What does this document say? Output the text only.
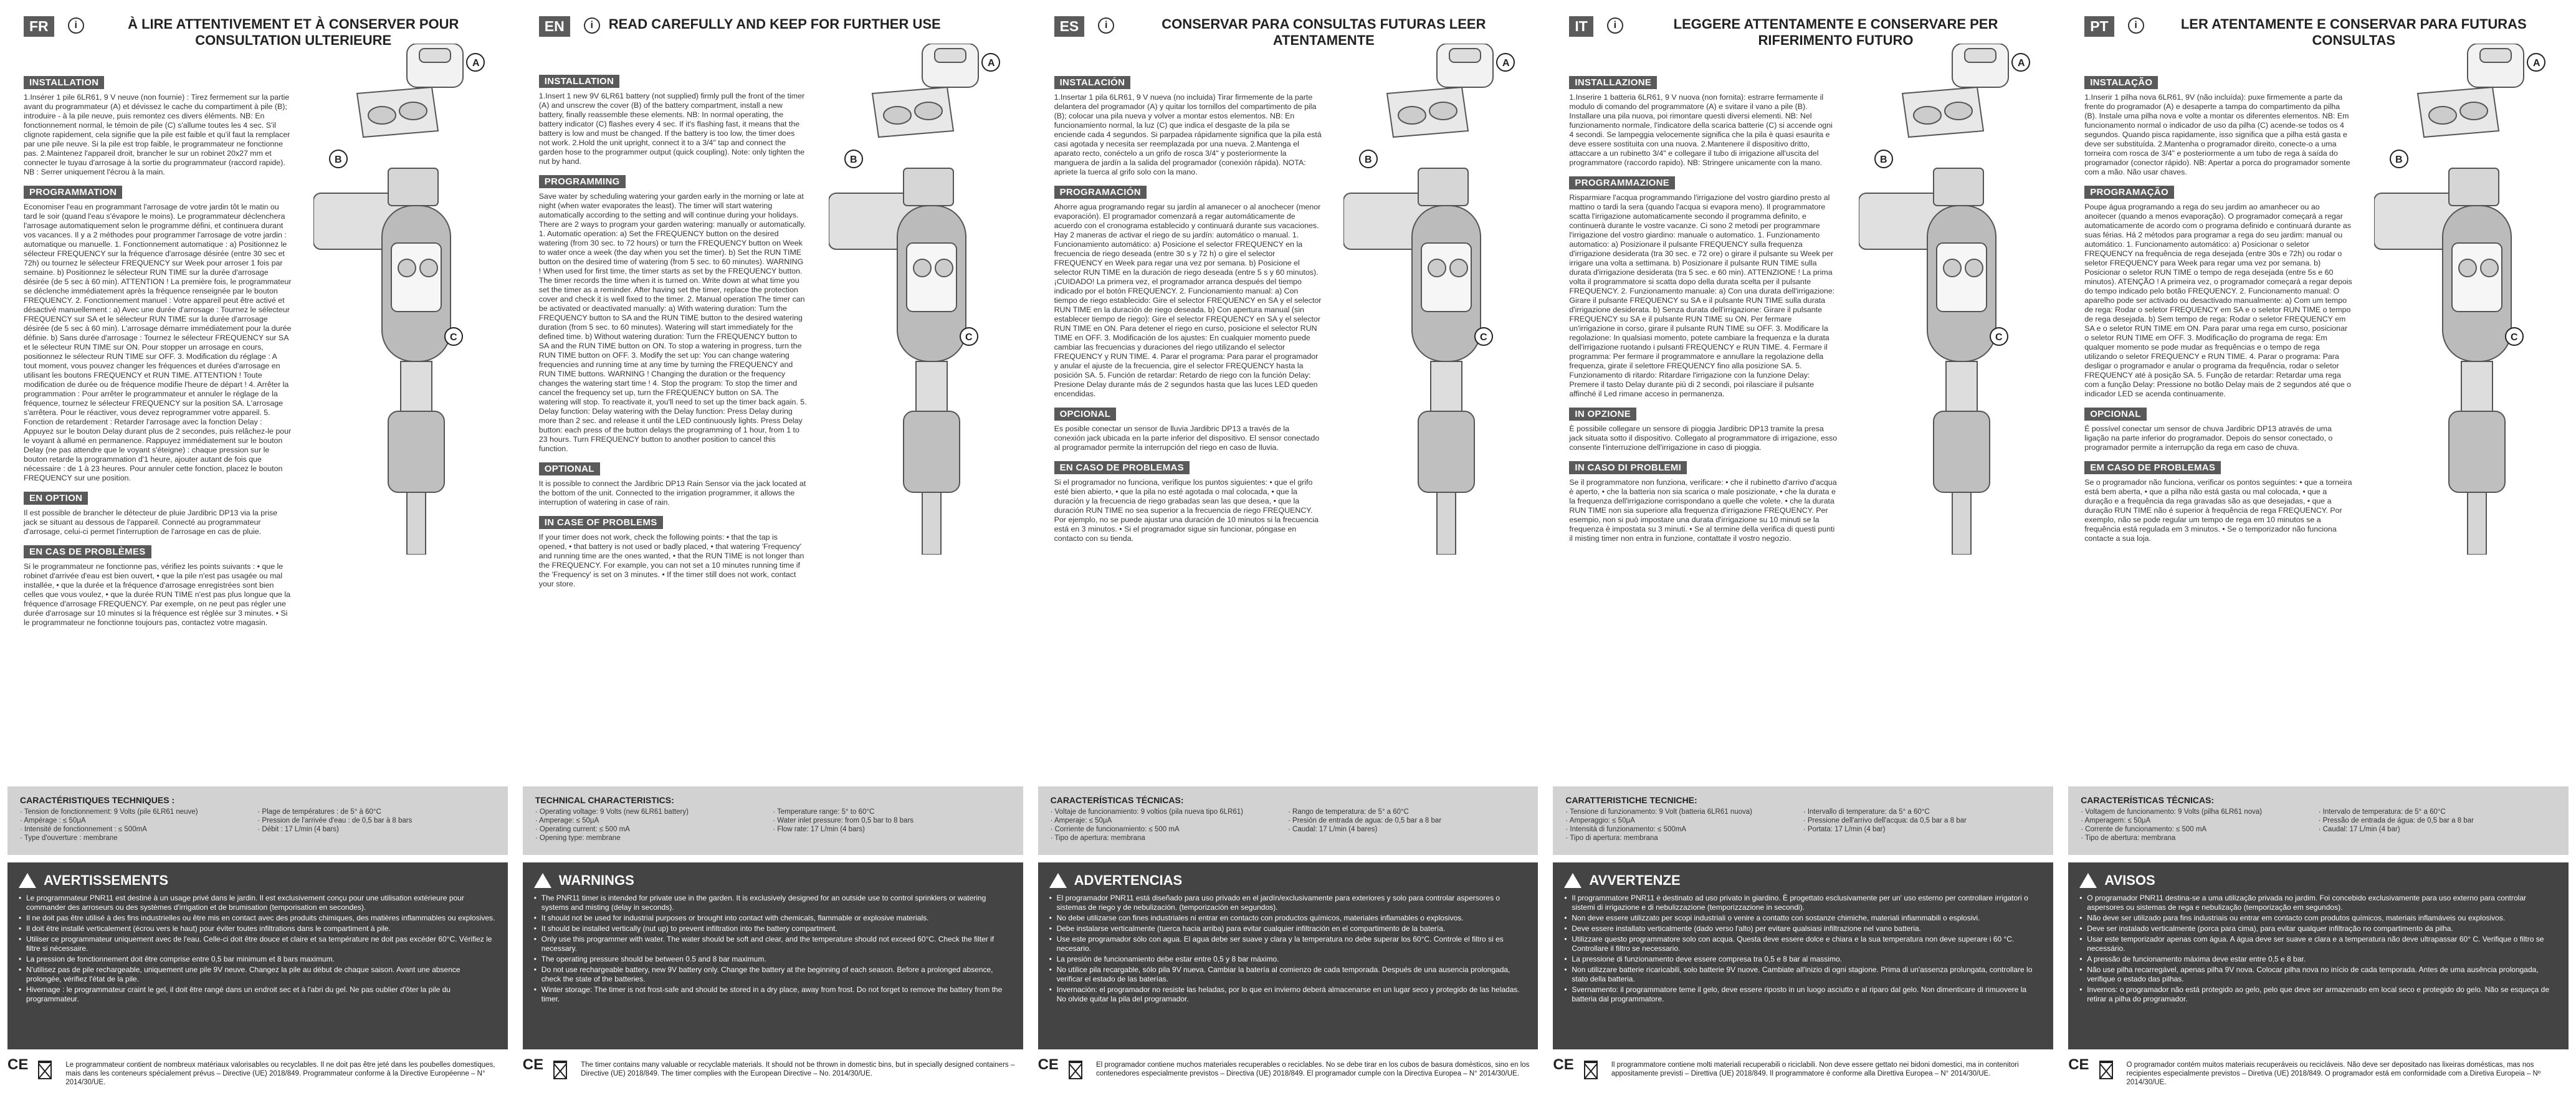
FR	i	À LIRE ATTENTIVEMENT ET À CONSERVER POUR CONSULTATION ULTERIEURE
INSTALLATION

1.Insérer 1 pile 6LR61, 9 V neuve (non fournie) : Tirez fermement sur la partie avant du programmateur (A) et dévissez le cache du compartiment à pile (B); introduire - à la pile neuve, puis remontez ces divers éléments. NB: En fonctionnement normal, le témoin de pile (C) s'allume toutes les 4 sec. S'il clignote rapidement, cela signifie que la pile est faible et qu'il faut la remplacer par une pile neuve. Si la pile est trop faible, le programmateur ne fonctionne pas. 2.Maintenez l'appareil droit, brancher le sur un robinet 20x27 mm et connecter le tuyau d'arrosage à la sortie du programmateur (raccord rapide). NB : Serrer uniquement l'écrou à la main.

PROGRAMMATION

Economiser l'eau en programmant l'arrosage de votre jardin tôt le matin ou tard le soir (quand l'eau s'évapore le moins). Le programmateur déclenchera l'arrosage automatiquement selon le programme défini, et continuera durant vos vacances. Il y a 2 méthodes pour programmer l'arrosage de votre jardin : automatique ou manuelle. 1. Fonctionnement automatique : a) Positionnez le sélecteur FREQUENCY sur la fréquence d'arrosage désirée (entre 30 sec et 72h) ou tournez le sélecteur FREQUENCY sur Week pour arroser 1 fois par semaine. b) Positionnez le sélecteur RUN TIME sur la durée d'arrosage désirée (de 5 sec à 60 min). ATTENTION ! La première fois, le programmateur se déclenche immédiatement après la fréquence renseignée par le bouton FREQUENCY. 2. Fonctionnement manuel : Votre appareil peut être activé et désactivé manuellement : a) Avec une durée d'arrosage : Tournez le sélecteur FREQUENCY sur SA et le sélecteur RUN TIME sur la durée d'arrosage désirée (de 5 sec à 60 min). L'arrosage démarre immédiatement pour la durée définie. b) Sans durée d'arrosage : Tournez le sélecteur FREQUENCY sur SA et le sélecteur RUN TIME sur ON. Pour stopper un arrosage en cours, positionnez le sélecteur RUN TIME sur OFF. 3. Modification du réglage : A tout moment, vous pouvez changer les fréquences et durées d'arrosage en utilisant les boutons FREQUENCY et RUN TIME. ATTENTION ! Toute modification de durée ou de fréquence modifie l'heure de départ ! 4. Arrêter la programmation : Pour arrêter le programmateur et annuler le réglage de la fréquence, tournez le sélecteur FREQUENCY sur la position SA. L'arrosage s'arrêtera. Pour le réactiver, vous devez reprogrammer votre appareil. 5. Fonction de retardement : Retarder l'arrosage avec la fonction Delay : Appuyez sur le bouton Delay durant plus de 2 secondes, puis relâchez-le pour le voyant à allumé en permanence. Rappuyez immédiatement sur le bouton Delay (ne pas attendre que le voyant s'éteigne) : chaque pression sur le bouton retarde la programmation d'1 heure, ajouter autant de fois que nécessaire : de 1 à 23 heures. Pour annuler cette fonction, placez le bouton FREQUENCY sur une position.

EN OPTION

Il est possible de brancher le détecteur de pluie Jardibric DP13 via la prise jack se situant au dessous de l'appareil. Connecté au programmateur d'arrosage, celui-ci permet l'interruption de l'arrosage en cas de pluie.

EN CAS DE PROBLÈMES

Si le programmateur ne fonctionne pas, vérifiez les points suivants : • que le robinet d'arrivée d'eau est bien ouvert, • que la pile n'est pas usagée ou mal installée, • que la durée et la fréquence d'arrosage enregistrées sont bien celles que vous voulez, • que la durée RUN TIME n'est pas plus longue que la fréquence d'arrosage FREQUENCY. Par exemple, on ne peut pas régler une durée d'arrosage sur 10 minutes si la fréquence est réglée sur 3 minutes. • Si le programmateur ne fonctionne toujours pas, contactez votre magasin.

A
B
C
CARACTÉRISTIQUES TECHNIQUES :
· Tension de fonctionnement: 9 Volts (pile 6LR61 neuve)
· Ampérage : ≤ 50μA
· Intensité de fonctionnement : ≤ 500mA
· Type d'ouverture : membrane
· Plage de températures : de 5° à 60°C
· Pression de l'arrivée d'eau : de 0,5 bar à 8 bars
· Débit : 17 L/min (4 bars)
AVERTISSEMENTS
• Le programmateur PNR11 est destiné à un usage privé dans le jardin. Il est exclusivement conçu pour une utilisation extérieure pour commander des arroseurs ou des systèmes d'irrigation et de brumisation (temporisation en secondes).
• Il ne doit pas être utilisé à des fins industrielles ou être mis en contact avec des produits chimiques, des matières inflammables ou explosives.
• Il doit être installé verticalement (écrou vers le haut) pour éviter toutes infiltrations dans le compartiment à pile.
• Utiliser ce programmateur uniquement avec de l'eau. Celle-ci doit être douce et claire et sa température ne doit pas excéder 60°C. Vérifiez le filtre si nécessaire.
• La pression de fonctionnement doit être comprise entre 0,5 bar minimum et 8 bars maximum.
• N'utilisez pas de pile rechargeable, uniquement une pile 9V neuve. Changez la pile au début de chaque saison. Avant une absence prolongée, vérifiez l'état de la pile.
• Hivernage : le programmateur craint le gel, il doit être rangé dans un endroit sec et à l'abri du gel. Ne pas oublier d'ôter la pile du programmateur.
CE	Le programmateur contient de nombreux matériaux valorisables ou recyclables. Il ne doit pas être jeté dans les poubelles domestiques, mais dans les conteneurs spécialement prévus – Directive (UE) 2018/849. Programmateur conforme à la Directive Européenne – N° 2014/30/UE.
EN	i	READ CAREFULLY AND KEEP FOR FURTHER USE
INSTALLATION

1.Insert 1 new 9V 6LR61 battery (not supplied) firmly pull the front of the timer (A) and unscrew the cover (B) of the battery compartment, install a new battery, finally reassemble these elements. NB: In normal operating, the battery indicator (C) flashes every 4 sec. If it's flashing fast, it means that the battery is low and must be changed. If the battery is too low, the timer does not work. 2.Hold the unit upright, connect it to a 3/4" tap and connect the garden hose to the programmer output (quick coupling). Note: only tighten the nut by hand.

PROGRAMMING

Save water by scheduling watering your garden early in the morning or late at night (when water evaporates the least). The timer will start watering automatically according to the setting and will continue during your holidays. There are 2 ways to program your garden watering: manually or automatically. 1. Automatic operation: a) Set the FREQUENCY button on the desired watering (from 30 sec. to 72 hours) or turn the FREQUENCY button on Week to water once a week (the day when you set the timer). b) Set the RUN TIME button on the desired time of watering (from 5 sec. to 60 minutes). WARNING ! When used for first time, the timer starts as set by the FREQUENCY button. The timer records the time when it is turned on. Write down at what time you set the timer as a reminder. After having set the timer, replace the protection cover and check it is well fixed to the timer. 2. Manual operation The timer can be activated or deactivated manually: a) With watering duration: Turn the FREQUENCY button to SA and the RUN TIME button to the desired watering duration (from 5 sec. to 60 minutes). Watering will start immediately for the defined time. b) Without watering duration: Turn the FREQUENCY button to SA and the RUN TIME button on ON. To stop a watering in progress, turn the RUN TIME button on OFF. 3. Modify the set up: You can change watering frequencies and running time at any time by turning the FREQUENCY and RUN TIME buttons. WARNING ! Changing the duration or the frequency changes the watering start time ! 4. Stop the program: To stop the timer and cancel the frequency set up, turn the FREQUENCY button on SA. The watering will stop. To reactivate it, you'll need to set up the timer back again. 5. Delay function: Delay watering with the Delay function: Press Delay during more than 2 sec. and release it until the LED continuously lights. Press Delay button: each press of the button delays the programming of 1 hour, from 1 to 23 hours. Turn FREQUENCY button to another position to cancel this function.

OPTIONAL

It is possible to connect the Jardibric DP13 Rain Sensor via the jack located at the bottom of the unit. Connected to the irrigation programmer, it allows the interruption of watering in case of rain.

IN CASE OF PROBLEMS

If your timer does not work, check the following points: • that the tap is opened, • that battery is not used or badly placed, • that watering 'Frequency' and running time are the ones wanted, • that the RUN TIME is not longer than the FREQUENCY. For example, you can not set a 10 minutes running time if the 'Frequency' is set on 3 minutes. • If the timer still does not work, contact your store.

A
B
C
TECHNICAL CHARACTERISTICS:
· Operating voltage: 9 Volts (new 6LR61 battery)
· Amperage: ≤ 50μA
· Operating current: ≤ 500 mA
· Opening type: membrane
· Temperature range: 5° to 60°C
· Water inlet pressure: from 0,5 bar to 8 bars
· Flow rate: 17 L/min (4 bars)
WARNINGS
• The PNR11 timer is intended for private use in the garden. It is exclusively designed for an outside use to control sprinklers or watering systems and misting (delay in seconds).
• It should not be used for industrial purposes or brought into contact with chemicals, flammable or explosive materials.
• It should be installed vertically (nut up) to prevent infiltration into the battery compartment.
• Only use this programmer with water. The water should be soft and clear, and the temperature should not exceed 60°C. Check the filter if necessary.
• The operating pressure should be between 0.5 and 8 bar maximum.
• Do not use rechargeable battery, new 9V battery only. Change the battery at the beginning of each season. Before a prolonged absence, check the state of the batteries.
• Winter storage: The timer is not frost-safe and should be stored in a dry place, away from frost. Do not forget to remove the battery from the timer.
CE	The timer contains many valuable or recyclable materials. It should not be thrown in domestic bins, but in specially designed containers – Directive (UE) 2018/849. The timer complies with the European Directive – No. 2014/30/UE.
ES	i	CONSERVAR PARA CONSULTAS FUTURAS LEER ATENTAMENTE
INSTALACIÓN

1.Insertar 1 pila 6LR61, 9 V nueva (no incluida) Tirar firmemente de la parte delantera del programador (A) y quitar los tornillos del compartimento de pila (B); colocar una pila nueva y volver a montar estos elementos. NB: En funcionamiento normal, la luz (C) que indica el desgaste de la pila se enciende cada 4 segundos. Si parpadea rápidamente significa que la pila está casi agotada y necesita ser reemplazada por una nueva. 2.Mantenga el aparato recto, conéctelo a un grifo de rosca 3/4" y posteriormente la manguera de jardín a la salida del programador (conexión rápida). NOTA: apriete la tuerca al grifo solo con la mano.

PROGRAMACIÓN

Ahorre agua programando regar su jardín al amanecer o al anochecer (menor evaporación). El programador comenzará a regar automáticamente de acuerdo con el cronograma establecido y continuará durante sus vacaciones. Hay 2 maneras de activar el riego de su jardín: automático o manual. 1. Funcionamiento automático: a) Posicione el selector FREQUENCY en la frecuencia de riego deseada (entre 30 s y 72 h) o gire el selector FREQUENCY en Week para regar una vez por semana. b) Posicione el selector RUN TIME en la duración de riego deseada (entre 5 s y 60 minutos). ¡CUIDADO! La primera vez, el programador arranca después del tiempo indicado por el botón FREQUENCY. 2. Funcionamiento manual: a) Con tiempo de riego establecido: Gire el selector FREQUENCY en SA y el selector RUN TIME en la duración de riego deseada. b) Con apertura manual (sin establecer tiempo de riego): Gire el selector FREQUENCY en SA y el selector RUN TIME en ON. Para detener el riego en curso, posicione el selector RUN TIME en OFF. 3. Modificación de los ajustes: En cualquier momento puede cambiar las frecuencias y duraciones del riego utilizando el selector FREQUENCY y RUN TIME. 4. Parar el programa: Para parar el programador y anular el ajuste de la frecuencia, gire el selector FREQUENCY hasta la posición SA. 5. Función de retardar: Retardo de riego con la función Delay: Presione Delay durante más de 2 segundos hasta que las luces LED queden encendidas.

OPCIONAL

Es posible conectar un sensor de lluvia Jardibric DP13 a través de la conexión jack ubicada en la parte inferior del dispositivo. El sensor conectado al programador permite la interrupción del riego en caso de lluvia.

EN CASO DE PROBLEMAS

Si el programador no funciona, verifique los puntos siguientes: • que el grifo esté bien abierto, • que la pila no esté agotada o mal colocada, • que la duración y la frecuencia de riego grabadas sean las que desea, • que la duración RUN TIME no sea superior a la frecuencia de riego FREQUENCY. Por ejemplo, no se puede ajustar una duración de 10 minutos si la frecuencia está en 3 minutos. • Si el programador sigue sin funcionar, póngase en contacto con su tienda.

A
B
C
CARACTERÍSTICAS TÉCNICAS:
· Voltaje de funcionamiento: 9 voltios (pila nueva tipo 6LR61)
· Amperaje: ≤ 50μA
· Corriente de funcionamiento: ≤ 500 mA
· Tipo de apertura: membrana
· Rango de temperatura: de 5° a 60°C
· Presión de entrada de agua: de 0,5 bar a 8 bar
· Caudal: 17 L/min (4 bares)
ADVERTENCIAS
• El programador PNR11 está diseñado para uso privado en el jardín/exclusivamente para exteriores y solo para controlar aspersores o sistemas de riego y de nebulización. (temporización en segundos).
• No debe utilizarse con fines industriales ni entrar en contacto con productos químicos, materiales inflamables o explosivos.
• Debe instalarse verticalmente (tuerca hacia arriba) para evitar cualquier infiltración en el compartimento de la batería.
• Use este programador sólo con agua. El agua debe ser suave y clara y la temperatura no debe superar los 60°C. Controle el filtro si es necesario.
• La presión de funcionamiento debe estar entre 0,5 y 8 bar máximo.
• No utilice pila recargable, sólo pila 9V nueva. Cambiar la batería al comienzo de cada temporada. Después de una ausencia prolongada, verificar el estado de las baterías.
• Invernación: el programador no resiste las heladas, por lo que en invierno deberá almacenarse en un lugar seco y protegido de las heladas. No olvide quitar la pila del programador.
CE	El programador contiene muchos materiales recuperables o reciclables. No se debe tirar en los cubos de basura domésticos, sino en los contenedores especialmente previstos – Directiva (UE) 2018/849. El programador cumple con la Directiva Europea – N° 2014/30/UE.
IT	i	LEGGERE ATTENTAMENTE E CONSERVARE PER RIFERIMENTO FUTURO
INSTALLAZIONE

1.Inserire 1 batteria 6LR61, 9 V nuova (non fornita): estrarre fermamente il modulo di comando del programmatore (A) e svitare il vano a pile (B). Installare una pila nuova, poi rimontare questi diversi elementi. NB: Nel funzionamento normale, l'indicatore della scarica batterie (C) si accende ogni 4 secondi. Se lampeggia velocemente significa che la pila è quasi esaurita e deve essere sostituita con una nuova. 2.Mantenere il dispositivo dritto, attaccare a un rubinetto 3/4" e collegare il tubo di irrigazione all'uscita del programmatore (raccordo rapido). NB: Stringere unicamente con la mano.

PROGRAMMAZIONE

Risparmiare l'acqua programmando l'irrigazione del vostro giardino presto al mattino o tardi la sera (quando l'acqua si evapora meno). Il programmatore scatta l'irrigazione automaticamente secondo il programma definito, e continuerà durante le vostre vacanze. Ci sono 2 metodi per programmare l'irrigazione del vostro giardino: manuale o automatico. 1. Funzionamento automatico: a) Posizionare il pulsante FREQUENCY sulla frequenza d'irrigazione desiderata (tra 30 sec. e 72 ore) o girare il pulsante su Week per irrigare una volta a settimana. b) Posizionare il pulsante RUN TIME sulla durata d'irrigazione desiderata (tra 5 sec. e 60 min). ATTENZIONE ! La prima volta il programmatore si scatta dopo della durata scelta per il pulsante FREQUENCY. 2. Funzionamento manuale: a) Con una durata dell'irrigazione: Girare il pulsante FREQUENCY su SA e il pulsante RUN TIME sulla durata d'irrigazione desiderata. b) Senza durata dell'irrigazione: Girare il pulsante FREQUENCY su SA e il pulsante RUN TIME su ON. Per fermare un'irrigazione in corso, girare il pulsante RUN TIME su OFF. 3. Modificare la regolazione: In qualsiasi momento, potete cambiare la frequenza e la durata dell'irrigazione ruotando i pulsanti FREQUENCY e RUN TIME. 4. Fermare il programma: Per fermare il programmatore e annullare la regolazione della frequenza, girate il selettore FREQUENCY fino alla posizione SA. 5. Funzionamento di ritardo: Ritardare l'irrigazione con la funzione Delay: Premere il tasto Delay durante più di 2 secondi, poi rilasciare il pulsante affinché il Led rimane acceso in permanenza.

IN OPZIONE

È possibile collegare un sensore di pioggia Jardibric DP13 tramite la presa jack situata sotto il dispositivo. Collegato al programmatore di irrigazione, esso consente l'interruzione dell'irrigazione in caso di pioggia.

IN CASO DI PROBLEMI

Se il programmatore non funziona, verificare: • che il rubinetto d'arrivo d'acqua è aperto, • che la batteria non sia scarica o male posizionate, • che la durata e la frequenza dell'irrigazione corrispondano a quelle che volete. • che la durata RUN TIME non sia superiore alla frequenza d'irrigazione FREQUENCY. Per esempio, non si può impostare una durata d'irrigazione su 10 minuti se la frequenza è impostata su 3 minuti. • Se al termine della verifica di questi punti il misting timer non entra in funzione, contattate il vostro negozio.

A
B
C
CARATTERISTICHE TECNICHE:
· Tensione di funzionamento: 9 Volt (batteria 6LR61 nuova)
· Amperaggio: ≤ 50μA
· Intensità di funzionamento: ≤ 500mA
· Tipo di apertura: membrana
· Intervallo di temperature: da 5° a 60°C
· Pressione dell'arrivo dell'acqua: da 0,5 bar a 8 bar
· Portata: 17 L/min (4 bar)
AVVERTENZE
• Il programmatore PNR11 è destinato ad uso privato in giardino. È progettato esclusivamente per un' uso esterno per controllare irrigatori o sistemi di irrigazione e di nebulizzazione (temporizzazione in secondi).
• Non deve essere utilizzato per scopi industriali o venire a contatto con sostanze chimiche, materiali infiammabili o esplosivi.
• Deve essere installato verticalmente (dado verso l'alto) per evitare qualsiasi infiltrazione nel vano batteria.
• Utilizzare questo programmatore solo con acqua. Questa deve essere dolce e chiara e la sua temperatura non deve superare i 60 °C. Controllare il filtro se necessario.
• La pressione di funzionamento deve essere compresa tra 0,5 e 8 bar al massimo.
• Non utilizzare batterie ricaricabili, solo batterie 9V nuove. Cambiate all'inizio di ogni stagione. Prima di un'assenza prolungata, controllare lo stato della batteria.
• Svernamento: il programmatore teme il gelo, deve essere riposto in un luogo asciutto e al riparo dal gelo. Non dimenticare di rimuovere la batteria dal programmatore.
CE	Il programmatore contiene molti materiali recuperabili o riciclabili. Non deve essere gettato nei bidoni domestici, ma in contenitori appositamente previsti – Direttiva (UE) 2018/849. Il programmatore è conforme alla Direttiva Europea – N° 2014/30/UE.
PT	i	LER ATENTAMENTE E CONSERVAR PARA FUTURAS CONSULTAS
INSTALAÇÃO

1.Inserir 1 pilha nova 6LR61, 9V (não incluída): puxe firmemente a parte da frente do programador (A) e desaperte a tampa do compartimento da pilha (B). Instale uma pilha nova e volte a montar os diferentes elementos. NB: Em funcionamento normal o indicador de uso da pilha (C) acende-se todos os 4 segundos. Quando pisca rapidamente, isso significa que a pilha está gasta e deve ser substituída. 2.Mantenha o programador direito, conecte-o a uma torneira com rosca de 3/4" e posteriormente a um tubo de rega à saída do programador (conector rápido). NB: Apertar a porca do programador somente com a mão. Não usar chaves.

PROGRAMAÇÃO

Poupe água programando a rega do seu jardim ao amanhecer ou ao anoitecer (quando a menos evaporação). O programador começará a regar automaticamente de acordo com o programa definido e continuará durante as suas férias. Há 2 métodos para programar a rega do seu jardim: manual ou automático. 1. Funcionamento automático: a) Posicionar o seletor FREQUENCY na frequência de rega desejada (entre 30s e 72h) ou rodar o seletor FREQUENCY para Week para regar uma vez por semana. b) Posicionar o seletor RUN TIME o tempo de rega desejada (entre 5s e 60 minutos). ATENÇÃO ! A primeira vez, o programador começará a regar depois do tempo indicado pelo botão FREQUENCY. 2. Funcionamento manual: O aparelho pode ser activado ou desactivado manualmente: a) Com um tempo de rega: Rodar o seletor FREQUENCY em SA e o seletor RUN TIME o tempo de rega desejada. b) Sem tempo de rega: Rodar o seletor FREQUENCY em SA e o seletor RUN TIME em ON. Para parar uma rega em curso, posicionar o seletor RUN TIME em OFF. 3. Modificação do programa de rega: Em qualquer momento se pode mudar as frequências e o tempo de rega utilizando o seletor FREQUENCY e RUN TIME. 4. Parar o programa: Para desligar o programador e anular o programa da frequência, rodar o seletor FREQUENCY até à posição SA. 5. Função de retardar: Retardar uma rega com a função Delay: Pressione no botão Delay mais de 2 segundos até que o indicador LED se acenda continuamente.

OPCIONAL

É possível conectar um sensor de chuva Jardibric DP13 através de uma ligação na parte inferior do programador. Depois do sensor conectado, o programador permite a interrupção da rega em caso de chuva.

EM CASO DE PROBLEMAS

Se o programador não funciona, verificar os pontos seguintes: • que a torneira está bem aberta, • que a pilha não está gasta ou mal colocada, • que a duração e a frequência da rega gravadas são as que desejadas, • que a duração RUN TIME não é superior à frequência de rega FREQUENCY. Por exemplo, não se pode regular um tempo de rega em 10 minutos se a frequência está regulada em 3 minutos. • Se o temporizador não funciona contacte a sua loja.

A
B
C
CARACTERÍSTICAS TÉCNICAS:
· Voltagem de funcionamento: 9 Volts (pilha 6LR61 nova)
· Amperagem: ≤ 50μA
· Corrente de funcionamento: ≤ 500 mA
· Tipo de abertura: membrana
· Intervalo de temperatura: de 5° a 60°C
· Pressão de entrada de água: de 0,5 bar a 8 bar
· Caudal: 17 L/min (4 bar)
AVISOS
• O programador PNR11 destina-se a uma utilização privada no jardim. Foi concebido exclusivamente para uso externo para controlar aspersores ou sistemas de rega e nebulização (temporização em segundos).
• Não deve ser utilizado para fins industriais ou entrar em contacto com produtos químicos, materiais inflamáveis ou explosivos.
• Deve ser instalado verticalmente (porca para cima), para evitar qualquer infiltração no compartimento da pilha.
• Usar este temporizador apenas com água. A água deve ser suave e clara e a temperatura não deve ultrapassar 60° C. Verifique o filtro se necessário.
• A pressão de funcionamento máxima deve estar entre 0,5 e 8 bar.
• Não use pilha recarregável, apenas pilha 9V nova. Colocar pilha nova no início de cada temporada. Antes de uma ausência prolongada, verifique o estado das pilhas.
• Invernos: o programador não está protegido ao gelo, pelo que deve ser armazenado em local seco e protegido do gelo. Não se esqueça de retirar a pilha do programador.
CE	O programador contém muitos materiais recuperáveis ou recicláveis. Não deve ser depositado nas lixeiras domésticas, mas nos recipientes especialmente previstos – Diretiva (UE) 2018/849. O programador está em conformidade com a Diretiva Europeia – Nº 2014/30/UE.
